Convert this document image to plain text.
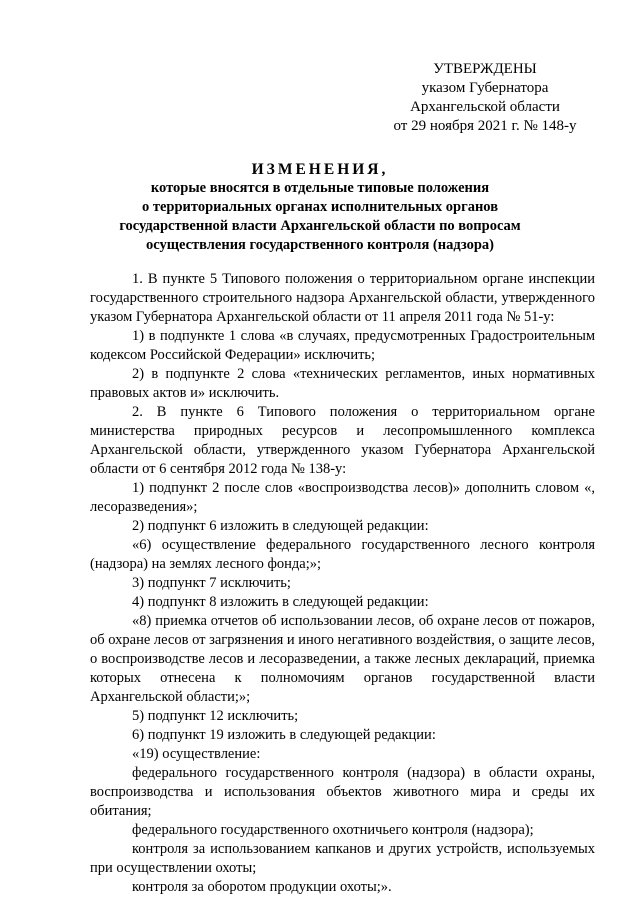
УТВЕРЖДЕНЫ
указом Губернатора
Архангельской области
от 29 ноября 2021 г. № 148-у
ИЗМЕНЕНИЯ,
которые вносятся в отдельные типовые положения
о территориальных органах исполнительных органов
государственной власти Архангельской области по вопросам
осуществления государственного контроля (надзора)

1. В пункте 5 Типового положения о территориальном органе инспекции государственного строительного надзора Архангельской области, утвержденного указом Губернатора Архангельской области от 11 апреля 2011 года № 51-у:

1) в подпункте 1 слова «в случаях, предусмотренных Градостроительным кодексом Российской Федерации» исключить;

2) в подпункте 2 слова «технических регламентов, иных нормативных правовых актов и» исключить.

2. В пункте 6 Типового положения о территориальном органе министерства природных ресурсов и лесопромышленного комплекса Архангельской области, утвержденного указом Губернатора Архангельской области от 6 сентября 2012 года № 138-у:

1) подпункт 2 после слов «воспроизводства лесов)» дополнить словом «, лесоразведения»;

2) подпункт 6 изложить в следующей редакции:

«6) осуществление федерального государственного лесного контроля (надзора) на землях лесного фонда;»;

3) подпункт 7 исключить;

4) подпункт 8 изложить в следующей редакции:

«8) приемка отчетов об использовании лесов, об охране лесов от пожаров, об охране лесов от загрязнения и иного негативного воздействия, о защите лесов, о воспроизводстве лесов и лесоразведении, а также лесных деклараций, приемка которых отнесена к полномочиям органов государственной власти Архангельской области;»;

5) подпункт 12 исключить;

6) подпункт 19 изложить в следующей редакции:

«19) осуществление:

федерального государственного контроля (надзора) в области охраны, воспроизводства и использования объектов животного мира и среды их обитания;

федерального государственного охотничьего контроля (надзора);

контроля за использованием капканов и других устройств, используемых при осуществлении охоты;

контроля за оборотом продукции охоты;».
